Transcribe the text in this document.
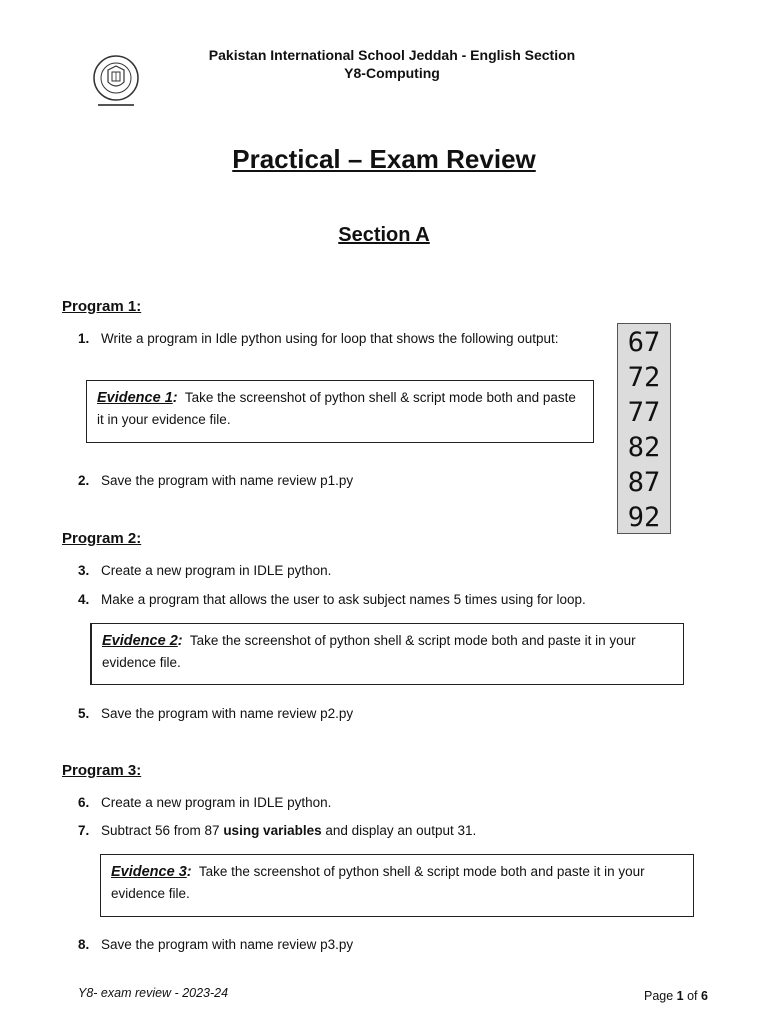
Pakistan International School Jeddah - English Section
Y8-Computing
Practical – Exam Review
Section A
Program 1:
1. Write a program in Idle python using for loop that shows the following output:
Evidence 1: Take the screenshot of python shell & script mode both and paste it in your evidence file.
2. Save the program with name review p1.py
67
72
77
82
87
92
Program 2:
3. Create a new program in IDLE python.
4. Make a program that allows the user to ask subject names 5 times using for loop.
Evidence 2: Take the screenshot of python shell & script mode both and paste it in your evidence file.
5. Save the program with name review p2.py
Program 3:
6. Create a new program in IDLE python.
7. Subtract 56 from 87 using variables and display an output 31.
Evidence 3: Take the screenshot of python shell & script mode both and paste it in your evidence file.
8. Save the program with name review p3.py
Y8- exam review - 2023-24	Page 1 of 6
